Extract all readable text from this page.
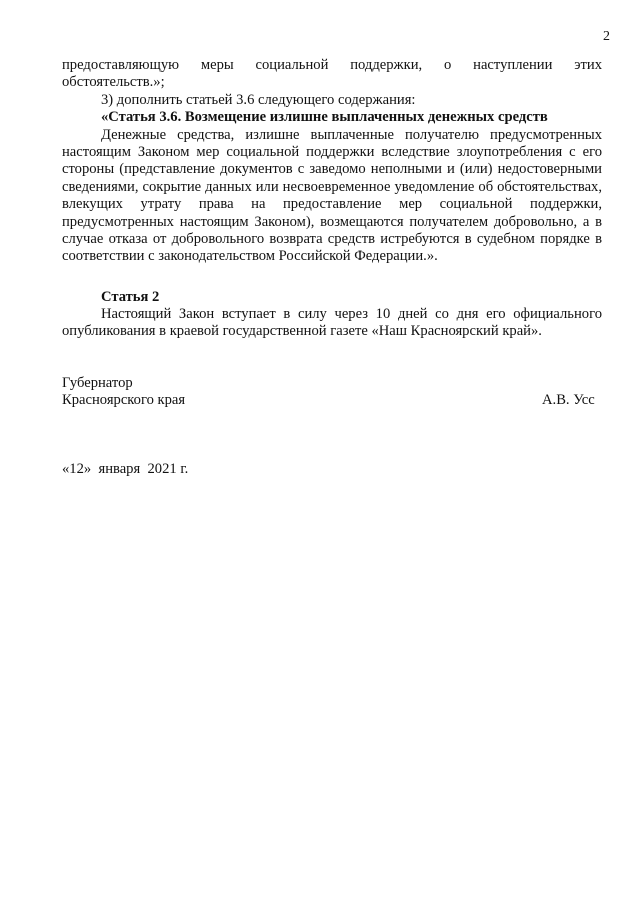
2

предоставляющую меры социальной поддержки, о наступлении этих

обстоятельств.»;

3) дополнить статьей 3.6 следующего содержания:

«Статья 3.6. Возмещение излишне выплаченных денежных средств

Денежные средства, излишне выплаченные получателю предусмотренных настоящим Законом мер социальной поддержки вследствие злоупотребления с его стороны (представление документов с заведомо неполными и (или) недостоверными сведениями, сокрытие данных или несвоевременное уведомление об обстоятельствах, влекущих утрату права на предоставление мер социальной поддержки, предусмотренных настоящим Законом), возмещаются получателем добровольно, а в случае отказа от добровольного возврата средств истребуются в судебном порядке в соответствии с законодательством Российской Федерации.».

Статья 2

Настоящий Закон вступает в силу через 10 дней со дня его официального опубликования в краевой государственной газете «Наш Красноярский край».

Губернатор
Красноярского края	А.В. Усс
«12»  января  2021 г.
